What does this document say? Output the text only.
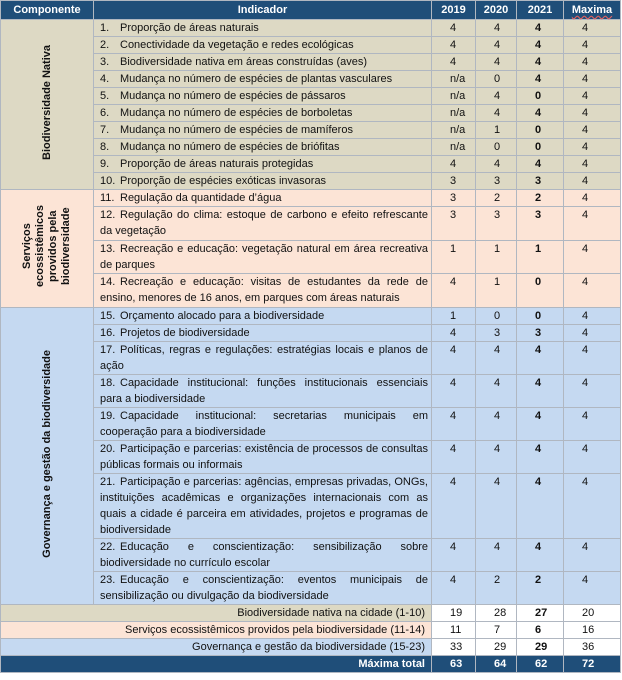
Componente	Indicador	2019	2020	2021	Maxima
Biodiversidade Nativa	1. Proporção de áreas naturais	4	4	4	4
	2. Conectividade da vegetação e redes ecológicas	4	4	4	4
	3. Biodiversidade nativa em áreas construídas (aves)	4	4	4	4
	4. Mudança no número de espécies de plantas vasculares	n/a	0	4	4
	5. Mudança no número de espécies de pássaros	n/a	4	0	4
	6. Mudança no número de espécies de borboletas	n/a	4	4	4
	7. Mudança no número de espécies de mamíferos	n/a	1	0	4
	8. Mudança no número de espécies de briófitas	n/a	0	0	4
	9. Proporção de áreas naturais protegidas	4	4	4	4
	10. Proporção de espécies exóticas invasoras	3	3	3	4
Serviços ecossistêmicos providos pela biodiversidade	11. Regulação da quantidade d’água	3	2	2	4
	12. Regulação do clima: estoque de carbono e efeito refrescante da vegetação	3	3	3	4
	13. Recreação e educação: vegetação natural em área recreativa de parques	1	1	1	4
	14. Recreação e educação: visitas de estudantes da rede de ensino, menores de 16 anos, em parques com áreas naturais	4	1	0	4
Governança e gestão da biodiversidade	15. Orçamento alocado para a biodiversidade	1	0	0	4
	16. Projetos de biodiversidade	4	3	3	4
	17. Políticas, regras e regulações: estratégias locais e planos de ação	4	4	4	4
	18. Capacidade institucional: funções institucionais essenciais para a biodiversidade	4	4	4	4
	19. Capacidade institucional: secretarias municipais em cooperação para a biodiversidade	4	4	4	4
	20. Participação e parcerias: existência de processos de consultas públicas formais ou informais	4	4	4	4
	21. Participação e parcerias: agências, empresas privadas, ONGs, instituições acadêmicas e organizações internacionais com as quais a cidade é parceira em atividades, projetos e programas de biodiversidade	4	4	4	4
	22. Educação e conscientização: sensibilização sobre biodiversidade no currículo escolar	4	4	4	4
	23. Educação e conscientização: eventos municipais de sensibilização ou divulgação da biodiversidade	4	2	2	4
Biodiversidade nativa na cidade (1-10)		19	28	27	20
Serviços ecossistêmicos providos pela biodiversidade (11-14)		11	7	6	16
Governança e gestão da biodiversidade (15-23)		33	29	29	36
Máxima total		63	64	62	72
